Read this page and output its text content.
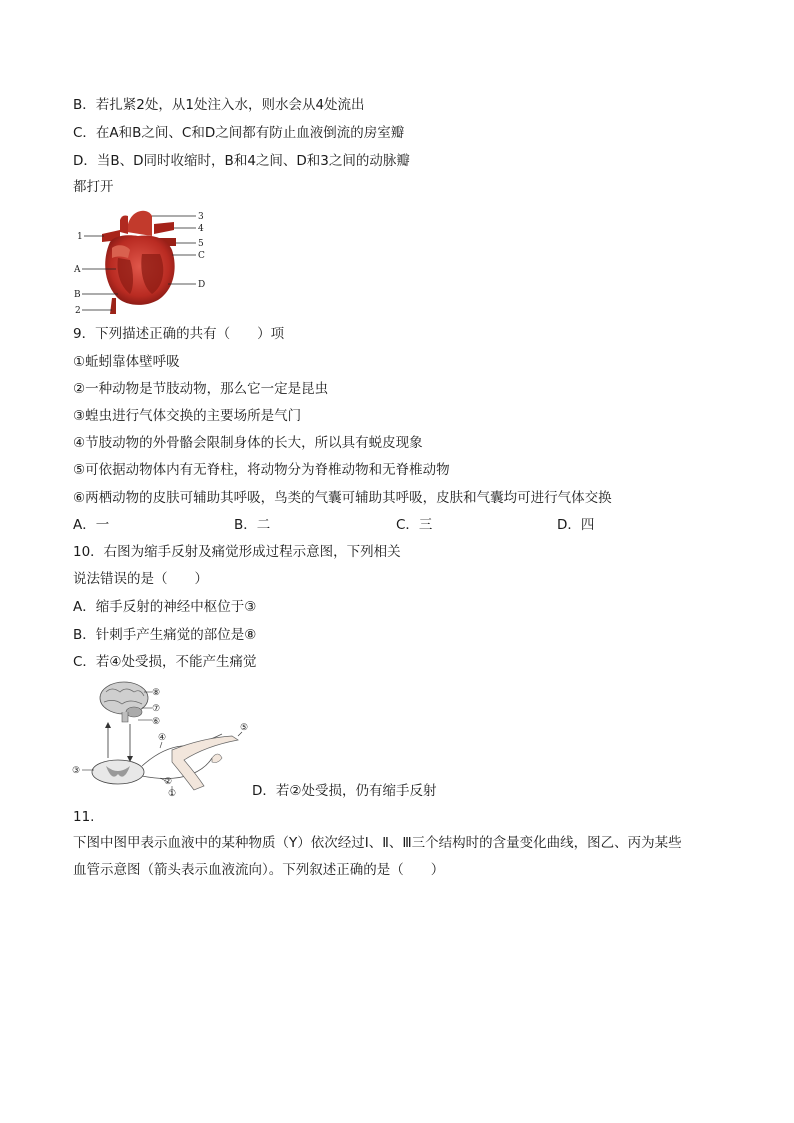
B．若扎紧2处，从1处注入水，则水会从4处流出
C．在A和B之间、C和D之间都有防止血液倒流的房室瓣
D．当B、D同时收缩时，B和4之间、D和3之间的动脉瓣
都打开
3
4
5
C
D
1
A
B
2
9．下列描述正确的共有（　　）项
①蚯蚓靠体壁呼吸
②一种动物是节肢动物，那么它一定是昆虫
③蝗虫进行气体交换的主要场所是气门
④节肢动物的外骨骼会限制身体的长大，所以具有蜕皮现象
⑤可依据动物体内有无脊柱，将动物分为脊椎动物和无脊椎动物
⑥两栖动物的皮肤可辅助其呼吸，鸟类的气囊可辅助其呼吸，皮肤和气囊均可进行气体交换
A．一	B．二	C．三	D．四
10．右图为缩手反射及痛觉形成过程示意图，下列相关
说法错误的是（　　）
A．缩手反射的神经中枢位于③
B．针刺手产生痛觉的部位是⑧
C．若④处受损，不能产生痛觉
⑧
⑦
⑥
③
④
⑤
②
①	D．若②处受损，仍有缩手反射
11.
下图中图甲表示血液中的某种物质（Y）依次经过Ⅰ、Ⅱ、Ⅲ三个结构时的含量变化曲线，图乙、丙为某些
血管示意图（箭头表示血液流向）。下列叙述正确的是（　　）
